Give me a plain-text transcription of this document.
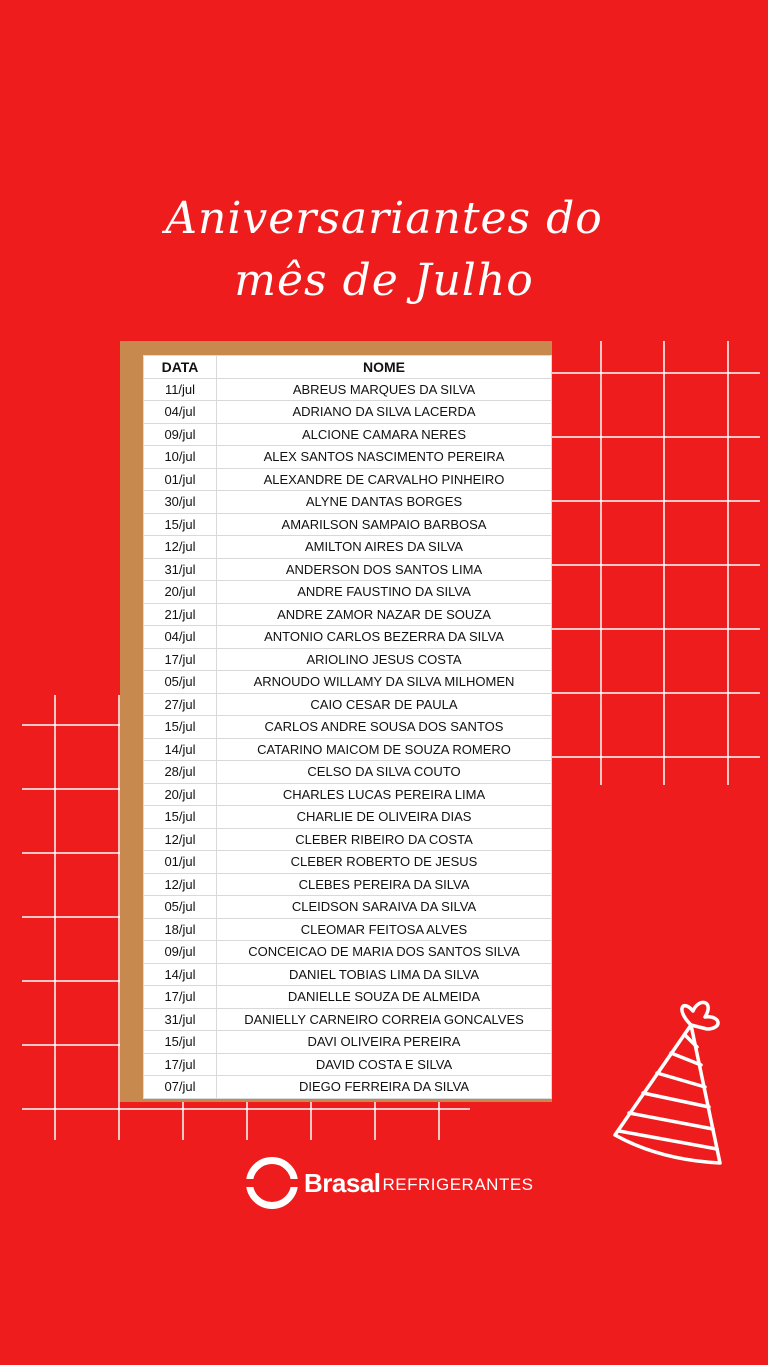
Aniversariantes do
mês de Julho
DATA	NOME
11/jul	ABREUS MARQUES DA SILVA
04/jul	ADRIANO DA SILVA LACERDA
09/jul	ALCIONE CAMARA NERES
10/jul	ALEX SANTOS NASCIMENTO PEREIRA
01/jul	ALEXANDRE DE CARVALHO PINHEIRO
30/jul	ALYNE DANTAS BORGES
15/jul	AMARILSON SAMPAIO BARBOSA
12/jul	AMILTON AIRES DA SILVA
31/jul	ANDERSON DOS SANTOS LIMA
20/jul	ANDRE FAUSTINO DA SILVA
21/jul	ANDRE ZAMOR NAZAR DE SOUZA
04/jul	ANTONIO CARLOS BEZERRA DA SILVA
17/jul	ARIOLINO JESUS COSTA
05/jul	ARNOUDO WILLAMY DA SILVA MILHOMEN
27/jul	CAIO CESAR DE PAULA
15/jul	CARLOS ANDRE SOUSA DOS SANTOS
14/jul	CATARINO MAICOM DE SOUZA ROMERO
28/jul	CELSO DA SILVA COUTO
20/jul	CHARLES LUCAS PEREIRA LIMA
15/jul	CHARLIE DE OLIVEIRA DIAS
12/jul	CLEBER RIBEIRO DA COSTA
01/jul	CLEBER ROBERTO DE JESUS
12/jul	CLEBES PEREIRA DA SILVA
05/jul	CLEIDSON SARAIVA DA SILVA
18/jul	CLEOMAR FEITOSA ALVES
09/jul	CONCEICAO DE MARIA DOS SANTOS SILVA
14/jul	DANIEL TOBIAS LIMA DA SILVA
17/jul	DANIELLE SOUZA DE ALMEIDA
31/jul	DANIELLY CARNEIRO CORREIA GONCALVES
15/jul	DAVI OLIVEIRA PEREIRA
17/jul	DAVID COSTA E SILVA
07/jul	DIEGO FERREIRA DA SILVA
Brasal REFRIGERANTES
